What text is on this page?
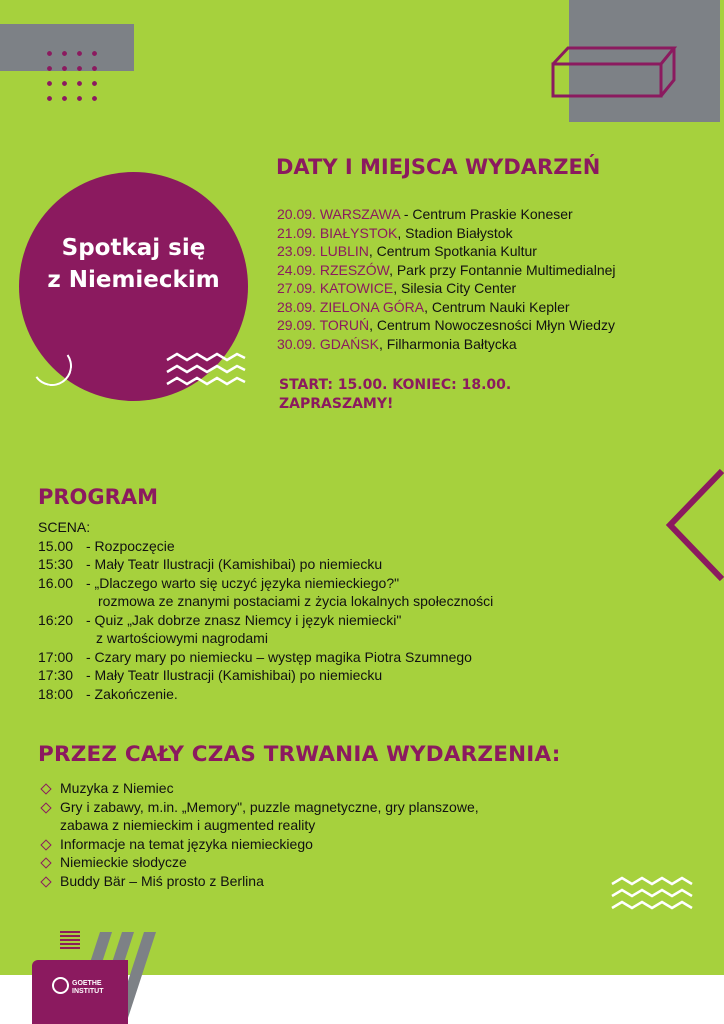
Spotkaj się
z Niemieckim
DATY I MIEJSCA WYDARZEŃ
20.09. WARSZAWA - Centrum Praskie Koneser
21.09. BIAŁYSTOK, Stadion Białystok
23.09. LUBLIN, Centrum Spotkania Kultur
24.09. RZESZÓW, Park przy Fontannie Multimedialnej
27.09. KATOWICE, Silesia City Center
28.09. ZIELONA GÓRA, Centrum Nauki Kepler
29.09. TORUŃ, Centrum Nowoczesności Młyn Wiedzy
30.09. GDAŃSK, Filharmonia Bałtycka
START: 15.00. KONIEC: 18.00.
ZAPRASZAMY!
PROGRAM
SCENA:
15.00 - Rozpoczęcie
15:30 - Mały Teatr Ilustracji (Kamishibai) po niemiecku
16.00 - „Dlaczego warto się uczyć języka niemieckiego?"
rozmowa ze znanymi postaciami z życia lokalnych społeczności
16:20 - Quiz „Jak dobrze znasz Niemcy i język niemiecki"
z wartościowymi nagrodami
17:00 - Czary mary po niemiecku – występ magika Piotra Szumnego
17:30 - Mały Teatr Ilustracji (Kamishibai) po niemiecku
18:00 - Zakończenie.
PRZEZ CAŁY CZAS TRWANIA WYDARZENIA:
Muzyka z Niemiec
Gry i zabawy, m.in. „Memory", puzzle magnetyczne, gry planszowe,
zabawa z niemieckim i augmented reality
Informacje na temat języka niemieckiego
Niemieckie słodycze
Buddy Bär – Miś prosto z Berlina
GOETHE
INSTITUT
